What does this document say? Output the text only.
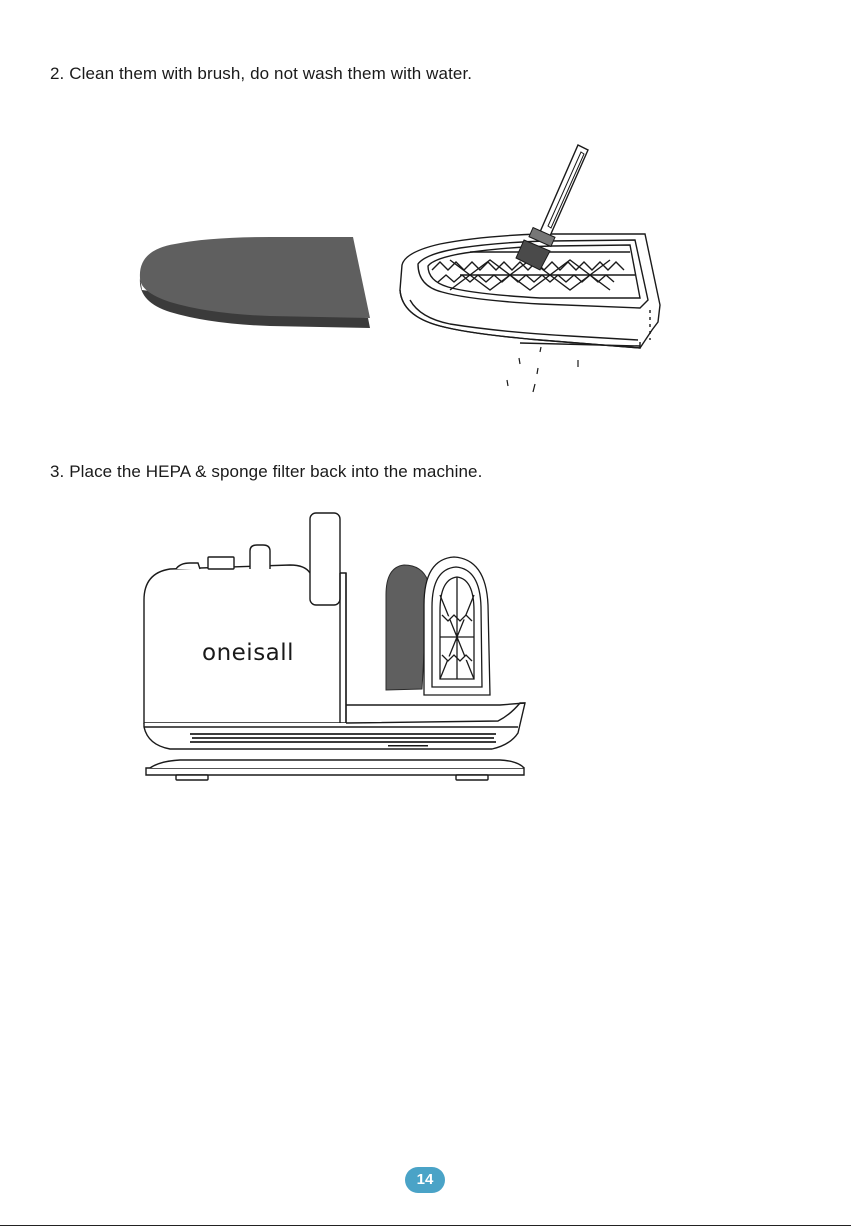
2. Clean them with brush, do not wash them with water.
3. Place the HEPA & sponge filter back into the machine.
oneisall
14
